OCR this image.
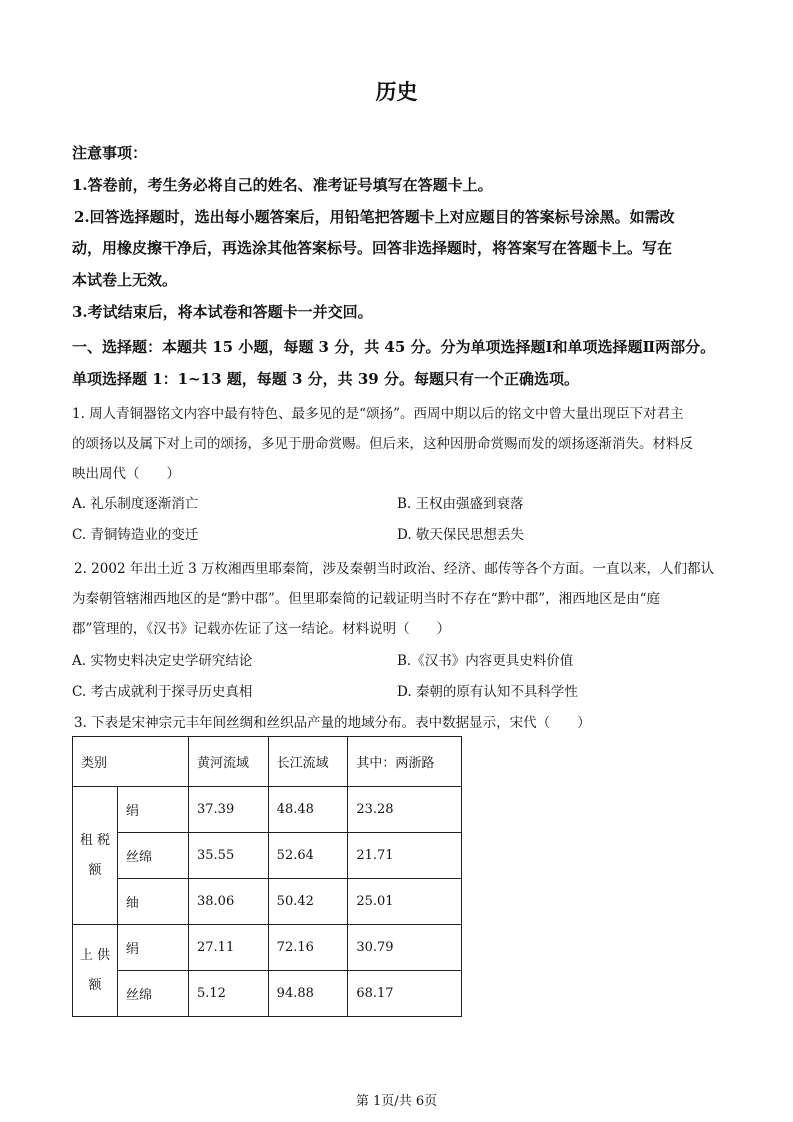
历史
注意事项：
1.答卷前，考生务必将自己的姓名、准考证号填写在答题卡上。
2.回答选择题时，选出每小题答案后，用铅笔把答题卡上对应题目的答案标号涂黑。如需改
动，用橡皮擦干净后，再选涂其他答案标号。回答非选择题时，将答案写在答题卡上。写在
本试卷上无效。
3.考试结束后，将本试卷和答题卡一并交回。
一、选择题：本题共 15 小题，每题 3 分，共 45 分。分为单项选择题Ⅰ和单项选择题Ⅱ两部分。
单项选择题 1：1~13 题，每题 3 分，共 39 分。每题只有一个正确选项。
1. 周人青铜器铭文内容中最有特色、最多见的是“颂扬”。西周中期以后的铭文中曾大量出现臣下对君主
的颂扬以及属下对上司的颂扬，多见于册命赏赐。但后来，这种因册命赏赐而发的颂扬逐渐消失。材料反
映出周代（　　）
A. 礼乐制度逐渐消亡	B. 王权由强盛到衰落
C. 青铜铸造业的变迁	D. 敬天保民思想丢失
2. 2002 年出土近 3 万枚湘西里耶秦简，涉及秦朝当时政治、经济、邮传等各个方面。一直以来，人们都认
为秦朝管辖湘西地区的是“黔中郡”。但里耶秦简的记载证明当时不存在“黔中郡”，湘西地区是由“庭
郡”管理的，《汉书》记载亦佐证了这一结论。材料说明（　　）
A. 实物史料决定史学研究结论	B.《汉书》内容更具史料价值
C. 考古成就利于探寻历史真相	D. 秦朝的原有认知不具科学性
3. 下表是宋神宗元丰年间丝绸和丝织品产量的地域分布。表中数据显示，宋代（　　）
类别		黄河流域	长江流域	其中：两浙路
租 税
额	绢	37.39	48.48	23.28
	丝绵	35.55	52.64	21.71
	䌷	38.06	50.42	25.01
上 供
额	绢	27.11	72.16	30.79
	丝绵	5.12	94.88	68.17
第 1页/共 6页
